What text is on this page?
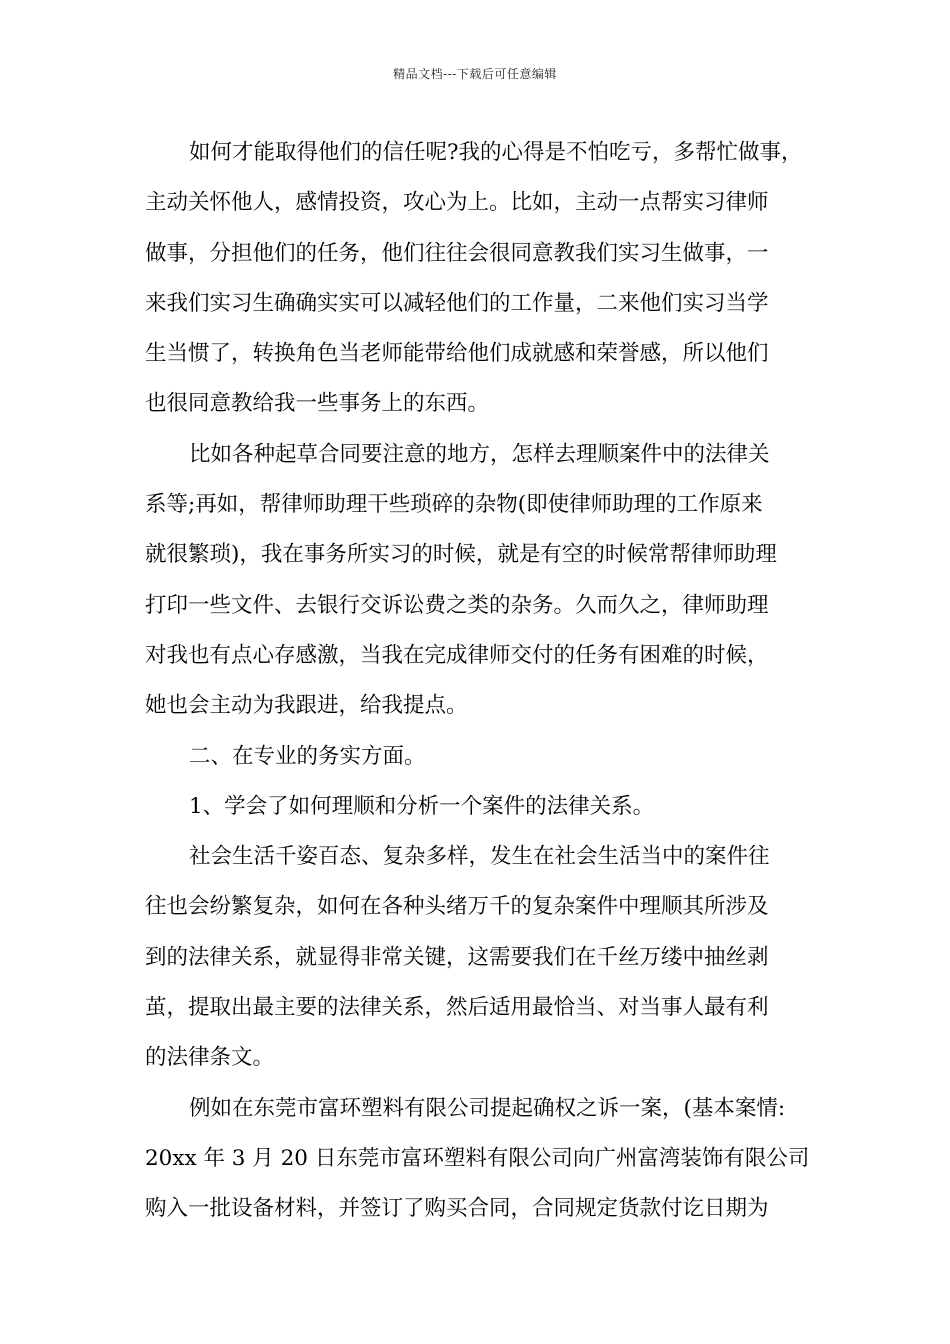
精品文档---下载后可任意编辑
如何才能取得他们的信任呢?我的心得是不怕吃亏，多帮忙做事，
主动关怀他人，感情投资，攻心为上。比如，主动一点帮实习律师
做事，分担他们的任务，他们往往会很同意教我们实习生做事，一
来我们实习生确确实实可以减轻他们的工作量，二来他们实习当学
生当惯了，转换角色当老师能带给他们成就感和荣誉感，所以他们
也很同意教给我一些事务上的东西。
比如各种起草合同要注意的地方，怎样去理顺案件中的法律关
系等;再如，帮律师助理干些琐碎的杂物(即使律师助理的工作原来
就很繁琐)，我在事务所实习的时候，就是有空的时候常帮律师助理
打印一些文件、去银行交诉讼费之类的杂务。久而久之，律师助理
对我也有点心存感激，当我在完成律师交付的任务有困难的时候，
她也会主动为我跟进，给我提点。
二、在专业的务实方面。
1、学会了如何理顺和分析一个案件的法律关系。
社会生活千姿百态、复杂多样，发生在社会生活当中的案件往
往也会纷繁复杂，如何在各种头绪万千的复杂案件中理顺其所涉及
到的法律关系，就显得非常关键，这需要我们在千丝万缕中抽丝剥
茧，提取出最主要的法律关系，然后适用最恰当、对当事人最有利
的法律条文。
例如在东莞市富环塑料有限公司提起确权之诉一案，(基本案情:
20xx 年 3 月 20 日东莞市富环塑料有限公司向广州富湾装饰有限公司
购入一批设备材料，并签订了购买合同，合同规定货款付讫日期为
